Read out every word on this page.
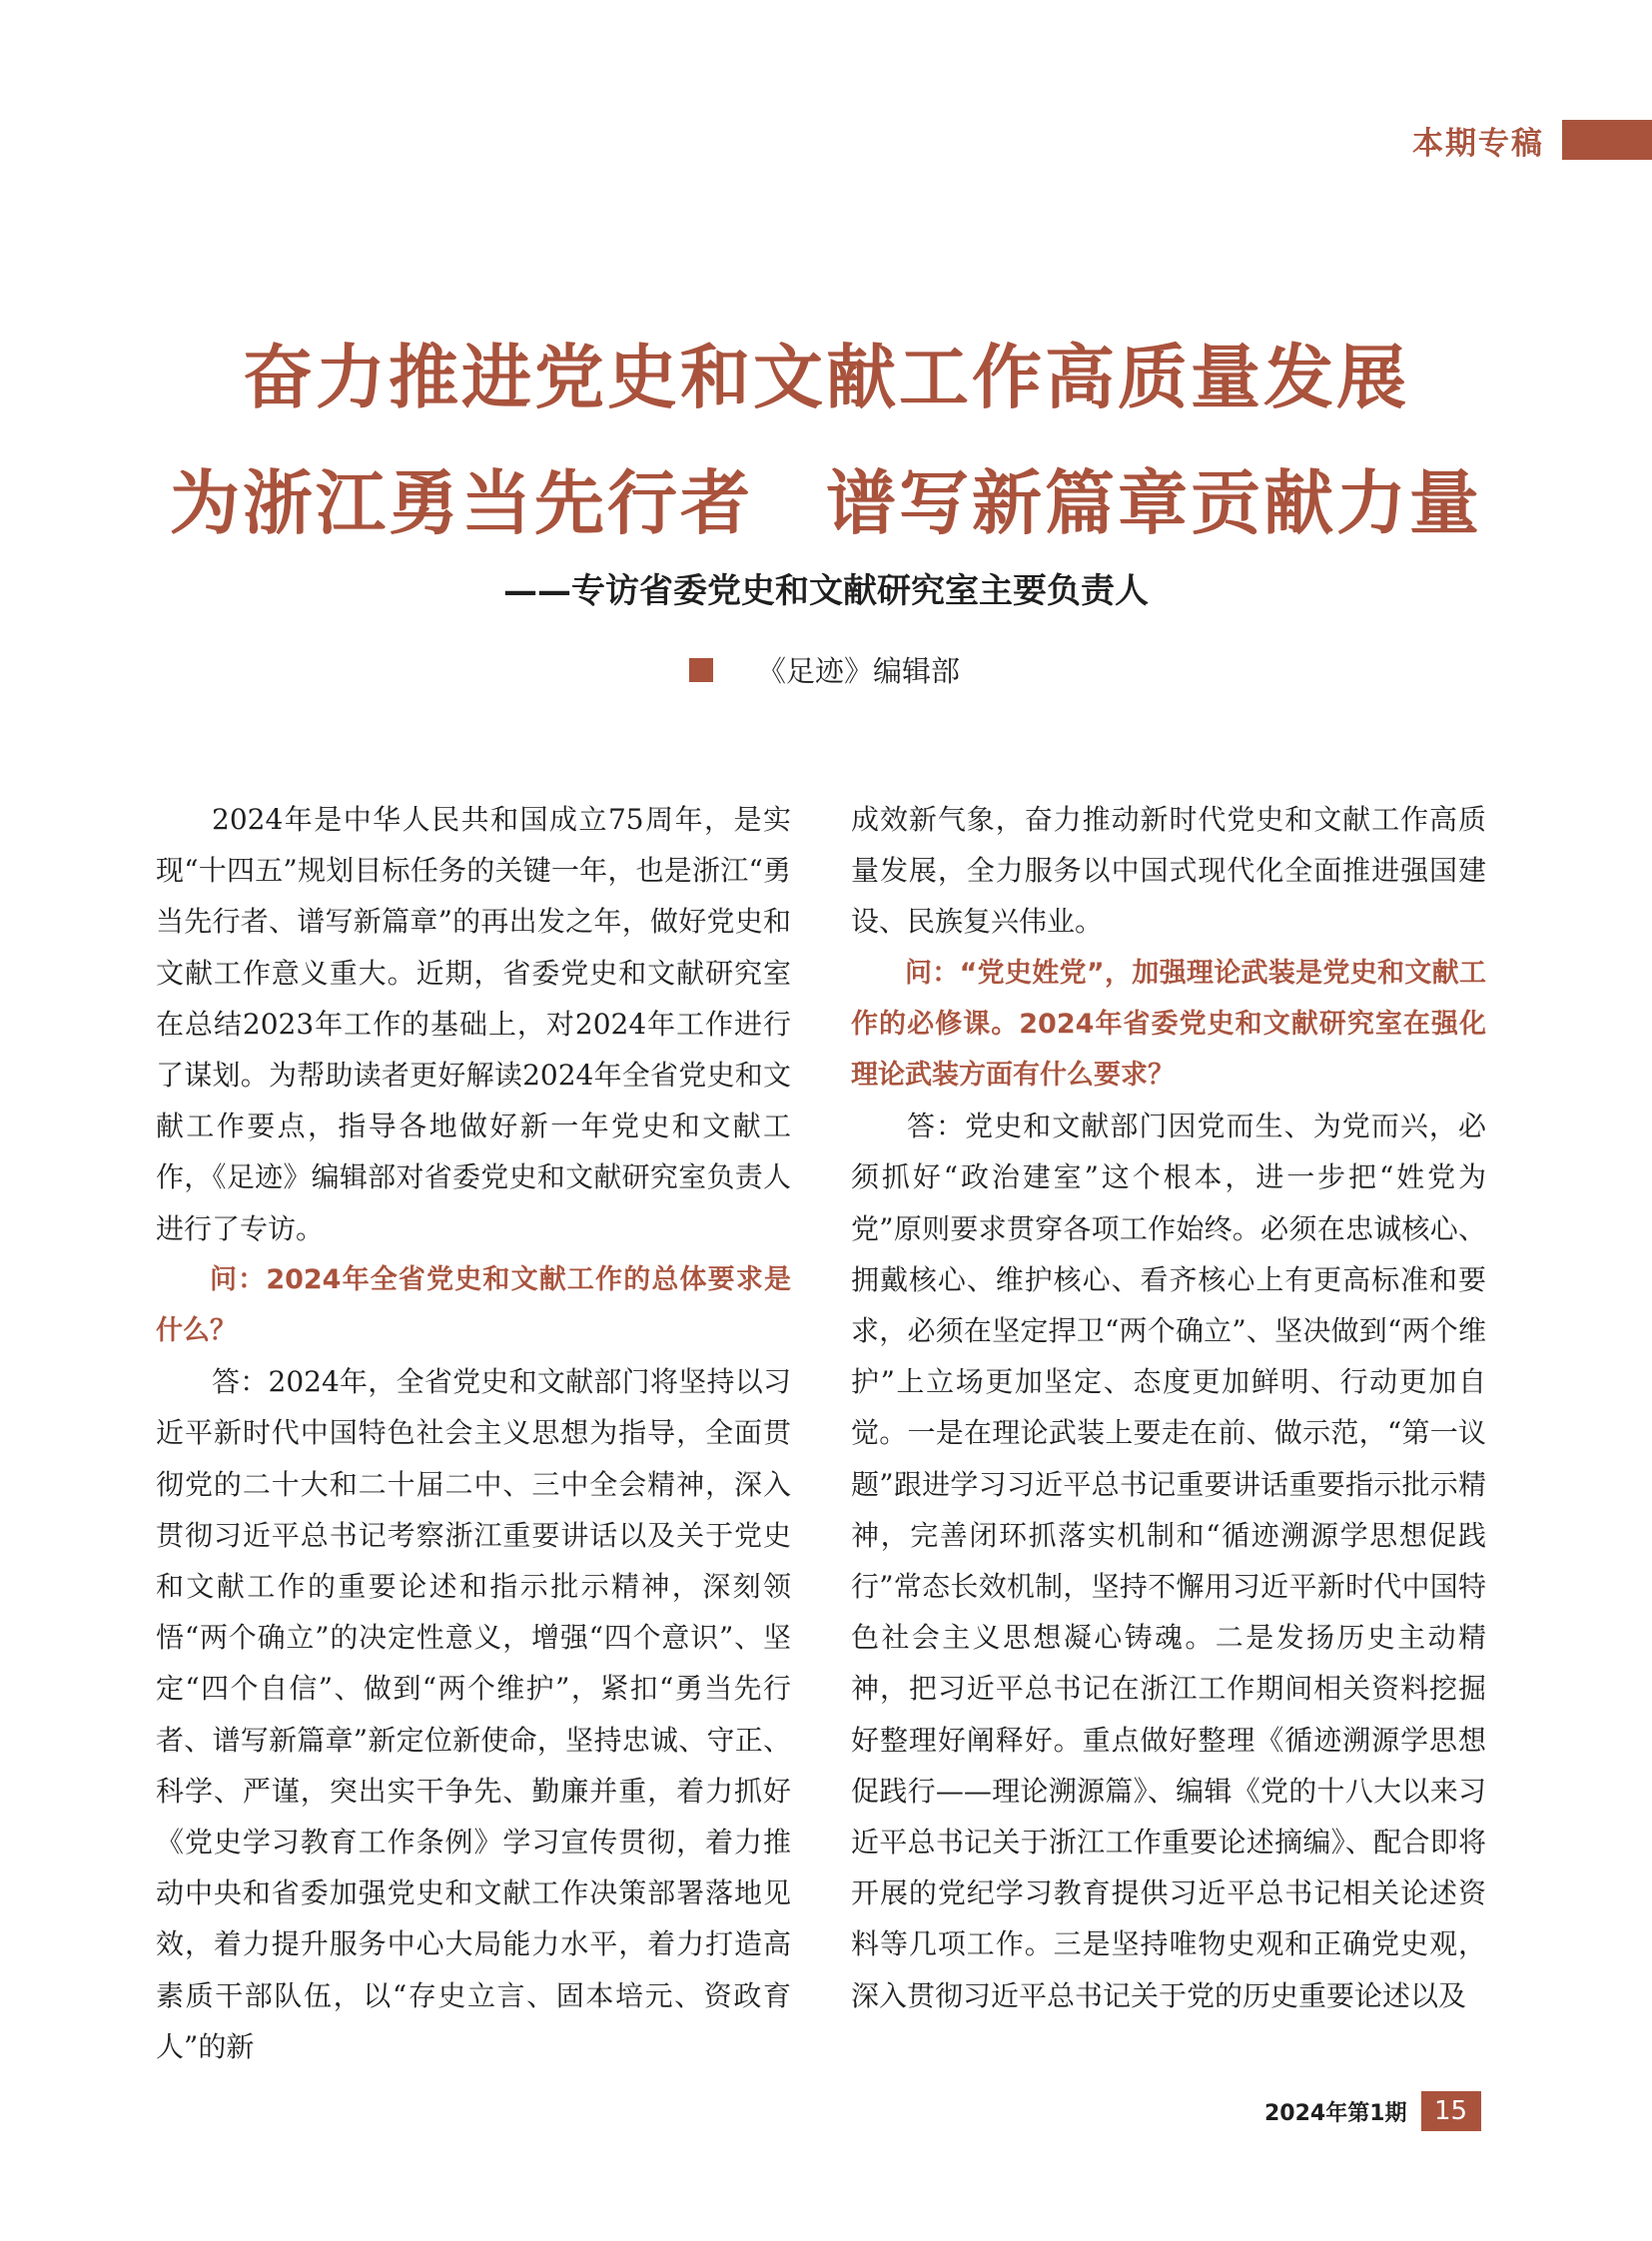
本期专稿
奋力推进党史和文献工作高质量发展
为浙江勇当先行者　谱写新篇章贡献力量
——专访省委党史和文献研究室主要负责人
《足迹》编辑部

2024年是中华人民共和国成立75周年，是实现“十四五”规划目标任务的关键一年，也是浙江“勇当先行者、谱写新篇章”的再出发之年，做好党史和文献工作意义重大。近期，省委党史和文献研究室在总结2023年工作的基础上，对2024年工作进行了谋划。为帮助读者更好解读2024年全省党史和文献工作要点，指导各地做好新一年党史和文献工作，《足迹》编辑部对省委党史和文献研究室负责人进行了专访。

问：2024年全省党史和文献工作的总体要求是什么？

答：2024年，全省党史和文献部门将坚持以习近平新时代中国特色社会主义思想为指导，全面贯彻党的二十大和二十届二中、三中全会精神，深入贯彻习近平总书记考察浙江重要讲话以及关于党史和文献工作的重要论述和指示批示精神，深刻领悟“两个确立”的决定性意义，增强“四个意识”、坚定“四个自信”、做到“两个维护”，紧扣“勇当先行者、谱写新篇章”新定位新使命，坚持忠诚、守正、科学、严谨，突出实干争先、勤廉并重，着力抓好《党史学习教育工作条例》学习宣传贯彻，着力推动中央和省委加强党史和文献工作决策部署落地见效，着力提升服务中心大局能力水平，着力打造高素质干部队伍，以“存史立言、固本培元、资政育人”的新

成效新气象，奋力推动新时代党史和文献工作高质量发展，全力服务以中国式现代化全面推进强国建设、民族复兴伟业。

问：“党史姓党”，加强理论武装是党史和文献工作的必修课。2024年省委党史和文献研究室在强化理论武装方面有什么要求？

答：党史和文献部门因党而生、为党而兴，必须抓好“政治建室”这个根本，进一步把“姓党为党”原则要求贯穿各项工作始终。必须在忠诚核心、拥戴核心、维护核心、看齐核心上有更高标准和要求，必须在坚定捍卫“两个确立”、坚决做到“两个维护”上立场更加坚定、态度更加鲜明、行动更加自觉。一是在理论武装上要走在前、做示范，“第一议题”跟进学习习近平总书记重要讲话重要指示批示精神，完善闭环抓落实机制和“循迹溯源学思想促践行”常态长效机制，坚持不懈用习近平新时代中国特色社会主义思想凝心铸魂。二是发扬历史主动精神，把习近平总书记在浙江工作期间相关资料挖掘好整理好阐释好。重点做好整理《循迹溯源学思想促践行——理论溯源篇》、编辑《党的十八大以来习近平总书记关于浙江工作重要论述摘编》、配合即将开展的党纪学习教育提供习近平总书记相关论述资料等几项工作。三是坚持唯物史观和正确党史观，深入贯彻习近平总书记关于党的历史重要论述以及

2024年第1期	15
